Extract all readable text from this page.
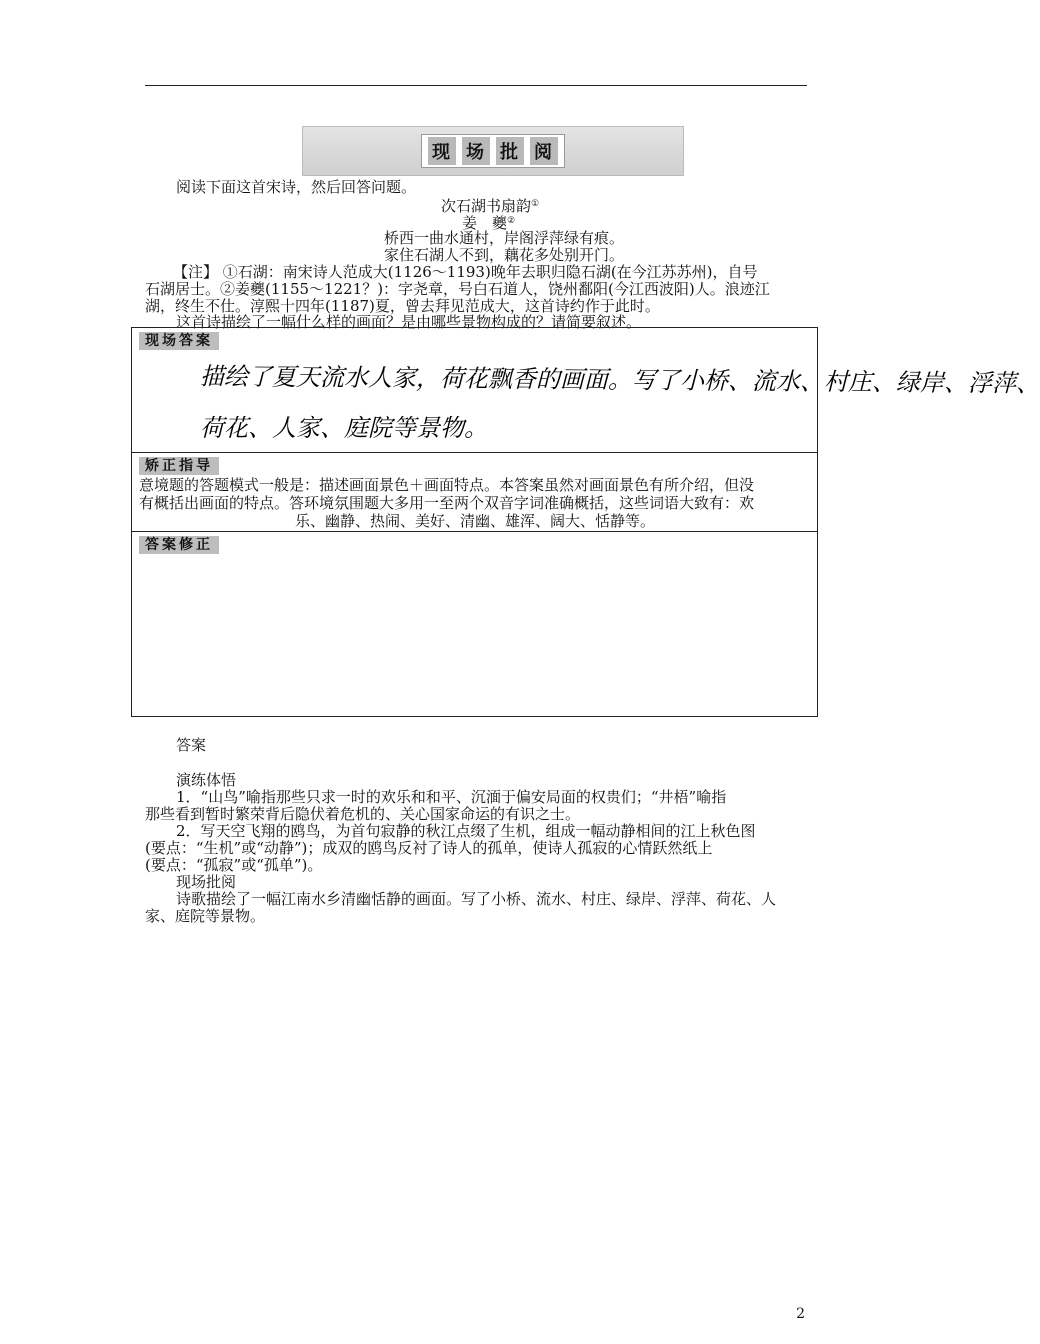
现 场 批 阅
阅读下面这首宋诗，然后回答问题。
次石湖书扇韵①
姜　夔②
桥西一曲水通村，岸阁浮萍绿有痕。
家住石湖人不到，藕花多处别开门。
【注】 ①石湖：南宋诗人范成大(1126～1193)晚年去职归隐石湖(在今江苏苏州)，自号
石湖居士。②姜夔(1155～1221？)：字尧章，号白石道人，饶州鄱阳(今江西波阳)人。浪迹江
湖，终生不仕。淳熙十四年(1187)夏，曾去拜见范成大，这首诗约作于此时。
这首诗描绘了一幅什么样的画面？是由哪些景物构成的？请简要叙述。
现场答案
描绘了夏天流水人家，荷花飘香的画面。写了小桥、流水、村庄、绿岸、浮萍、
荷花、人家、庭院等景物。
矫正指导
意境题的答题模式一般是：描述画面景色＋画面特点。本答案虽然对画面景色有所介绍，但没
有概括出画面的特点。答环境氛围题大多用一至两个双音字词准确概括，这些词语大致有：欢
乐、幽静、热闹、美好、清幽、雄浑、阔大、恬静等。
答案修正
答案
演练体悟
1．“山鸟”喻指那些只求一时的欢乐和和平、沉湎于偏安局面的权贵们；“井梧”喻指
那些看到暂时繁荣背后隐伏着危机的、关心国家命运的有识之士。
2．写天空飞翔的鸥鸟，为首句寂静的秋江点缀了生机，组成一幅动静相间的江上秋色图
(要点：“生机”或“动静”)；成双的鸥鸟反衬了诗人的孤单，使诗人孤寂的心情跃然纸上
(要点：“孤寂”或“孤单”)。
现场批阅
诗歌描绘了一幅江南水乡清幽恬静的画面。写了小桥、流水、村庄、绿岸、浮萍、荷花、人
家、庭院等景物。
2
